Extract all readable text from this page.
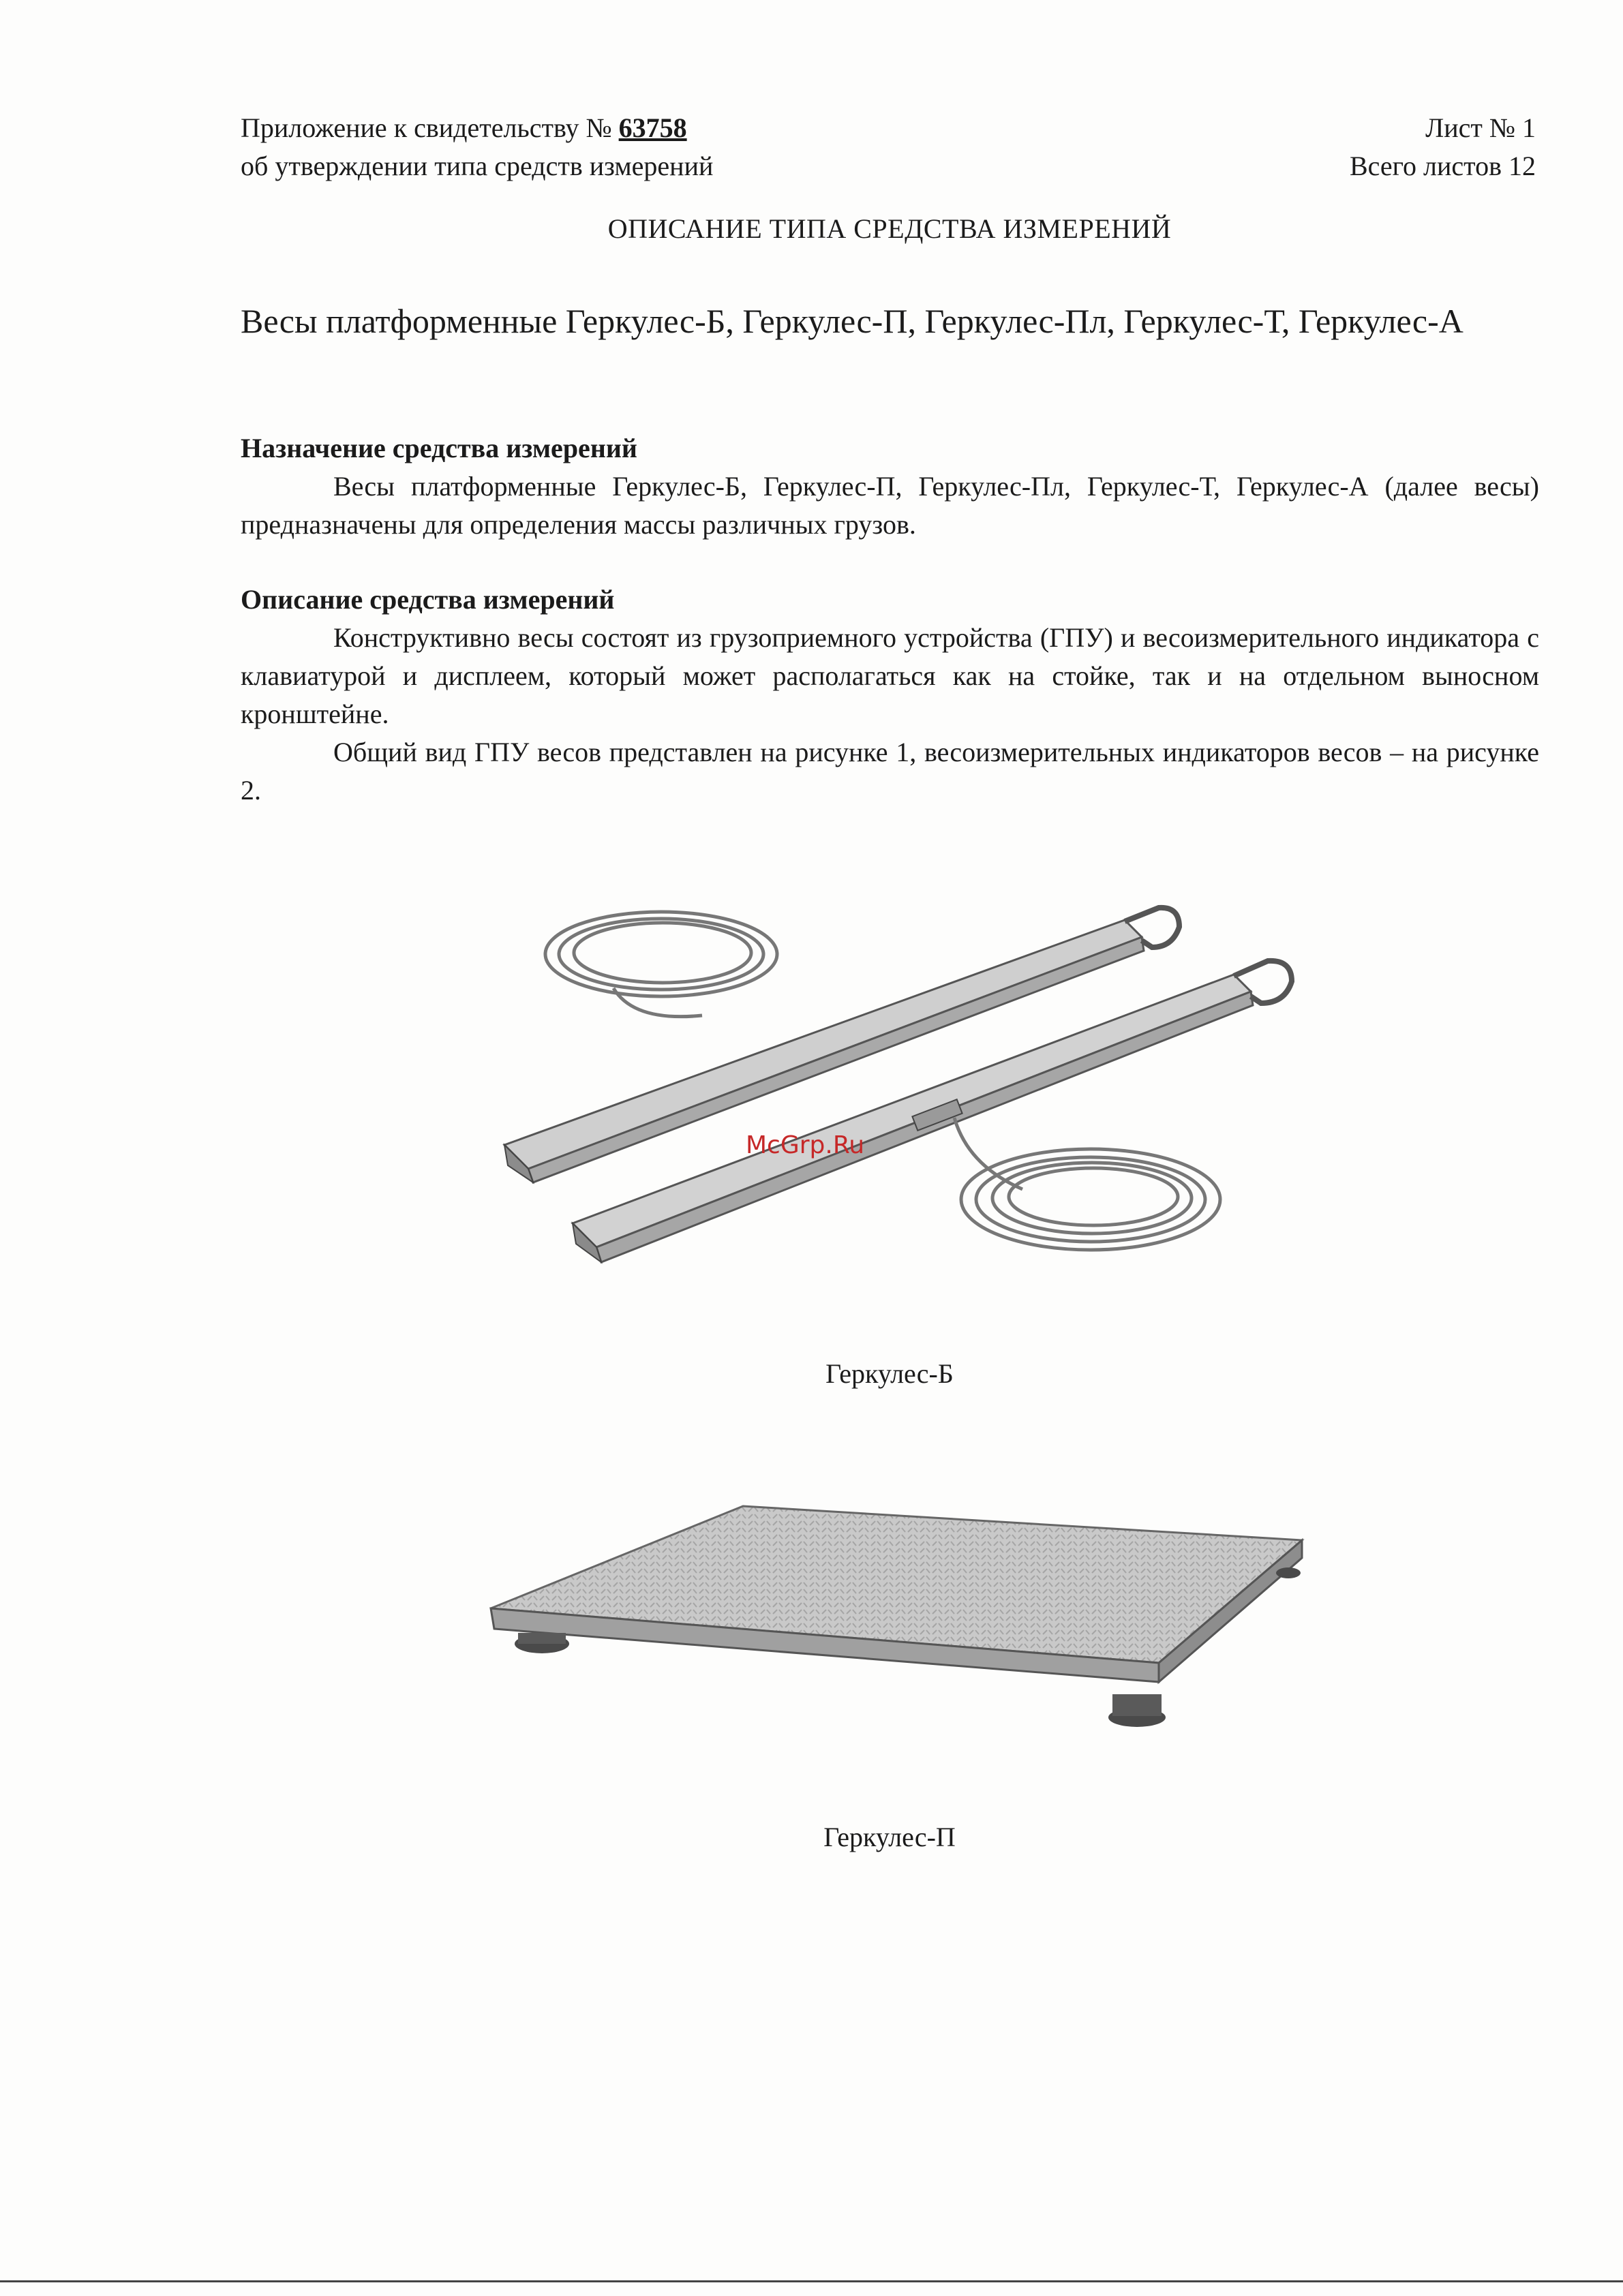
Приложение к свидетельству № 63758
об утверждении типа средств измерений
Лист № 1
Всего листов 12
ОПИСАНИЕ ТИПА СРЕДСТВА ИЗМЕРЕНИЙ
Весы платформенные Геркулес-Б, Геркулес-П, Геркулес-Пл, Геркулес-Т, Геркулес-А
Назначение средства измерений

Весы платформенные Геркулес-Б, Геркулес-П, Геркулес-Пл, Геркулес-Т, Геркулес-А (далее весы) предназначены для определения массы различных грузов.

Описание средства измерений

Конструктивно весы состоят из грузоприемного устройства (ГПУ) и весоизмерительного индикатора с клавиатурой и дисплеем, который может располагаться как на стойке, так и на отдельном выносном кронштейне.

Общий вид ГПУ весов представлен на рисунке 1, весоизмерительных индикаторов весов – на рисунке 2.

McGrp.Ru
Геркулес-Б
Геркулес-П
